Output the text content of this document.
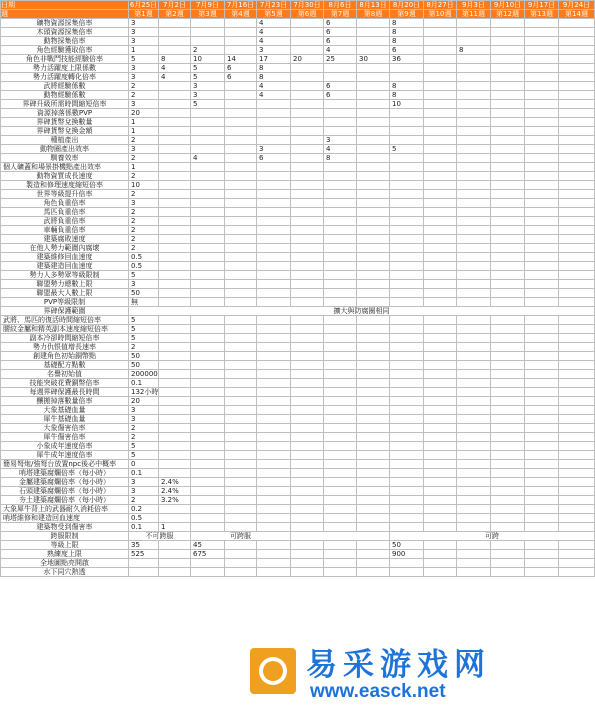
日期	6月25日	7月2日	7月9日	7月16日	7月23日	7月30日	8月6日	8月13日	8月20日	8月27日	9月3日	9月10日	9月17日	9月24日
週	第1週	第2週	第3週	第4週	第5週	第6週	第7週	第8週	第9週	第10週	第11週	第12週	第13週	第14週
礦物資源採集倍率	3				4		6		8					
木頭資源採集倍率	3				4		6		8					
動物採集倍率	3				4		6		8					
角色經驗獲取倍率	1		2		3		4		6		8			
角色非戰鬥技能經驗倍率	5	8	10	14	17	20	25	30	36					
勢力活躍度上限係數	3	4	5	6	8									
勢力活躍度轉化倍率	3	4	5	6	8									
武將經驗係數	2		3		4		6		8					
動物經驗係數	2		3		4		6		8					
界碑升級所需時間縮短倍率	3		5						10					
資源掉落係數PVP	20													
界碑貨幣兌換數量	1													
界碑貨幣兌換金額	1													
種植產出	2						3							
動物圈產出效率	3				3		4		5					
馴養效率	2		4		6		8							
個人礦蓋和場景掛機點產出效率	1													
動物資質成長速度	2													
製造和修理速度縮短倍率	10													
世界等級提升倍率	2													
角色負重倍率	3													
馬匹負重倍率	2													
武將負重倍率	2													
車輛負重倍率	2													
建築腐敗速度	2													
在他人勢力範圍內腐壞	2													
建築維修回血速度	0.5													
建築建造回血速度	0.5													
勢力人多勢眾等級限制	5													
聯盟勢力總數上限	3													
聯盟最大人數上限	50													
PVP等級限制	無													
界碑保護範圍	擴大與防腐圈相同													
武將、馬匹的復活時間縮短倍率	5													
腰紋金屬和精英副本速度縮短倍率	5													
副本冷卻時間縮短倍率	5													
勢力仇恨值增長速率	2													
創建角色初始銅幣點	50													
基礎配方點數	50													
名譽初始值	200000													
技能突破花費銅幣倍率	0.1													
每週界碑保護最長時間	132小時													
釀搬掉落數量倍率	20													
大象基礎血量	3													
犀牛基礎血量	3													
大象傷害倍率	2													
犀牛傷害倍率	2													
小象成年速度倍率	5													
犀牛成年速度倍率	5													
簡易弩炮/強弩台放置npc後必中概率	0													
哨塔建築腐爛倍率（每小時）	0.1													
金屬建築腐爛倍率（每小時）	3	2.4%												
石頭建築腐爛倍率（每小時）	3	2.4%												
夯土建築腐爛倍率（每小時）	2	3.2%												
大象犀牛背上的武器耐久消耗倍率	0.2													
哨塔維修和建造回血速度	0.5													
建築物受到傷害率	0.1	1												
跨服限制	不可跨服		可跨服						可跨					
等級上限	35		45						50					
熟練度上限	525		675						900					
全地圖點亮開啟														
水下同穴熱透														
易采游戏网
www.easck.net
